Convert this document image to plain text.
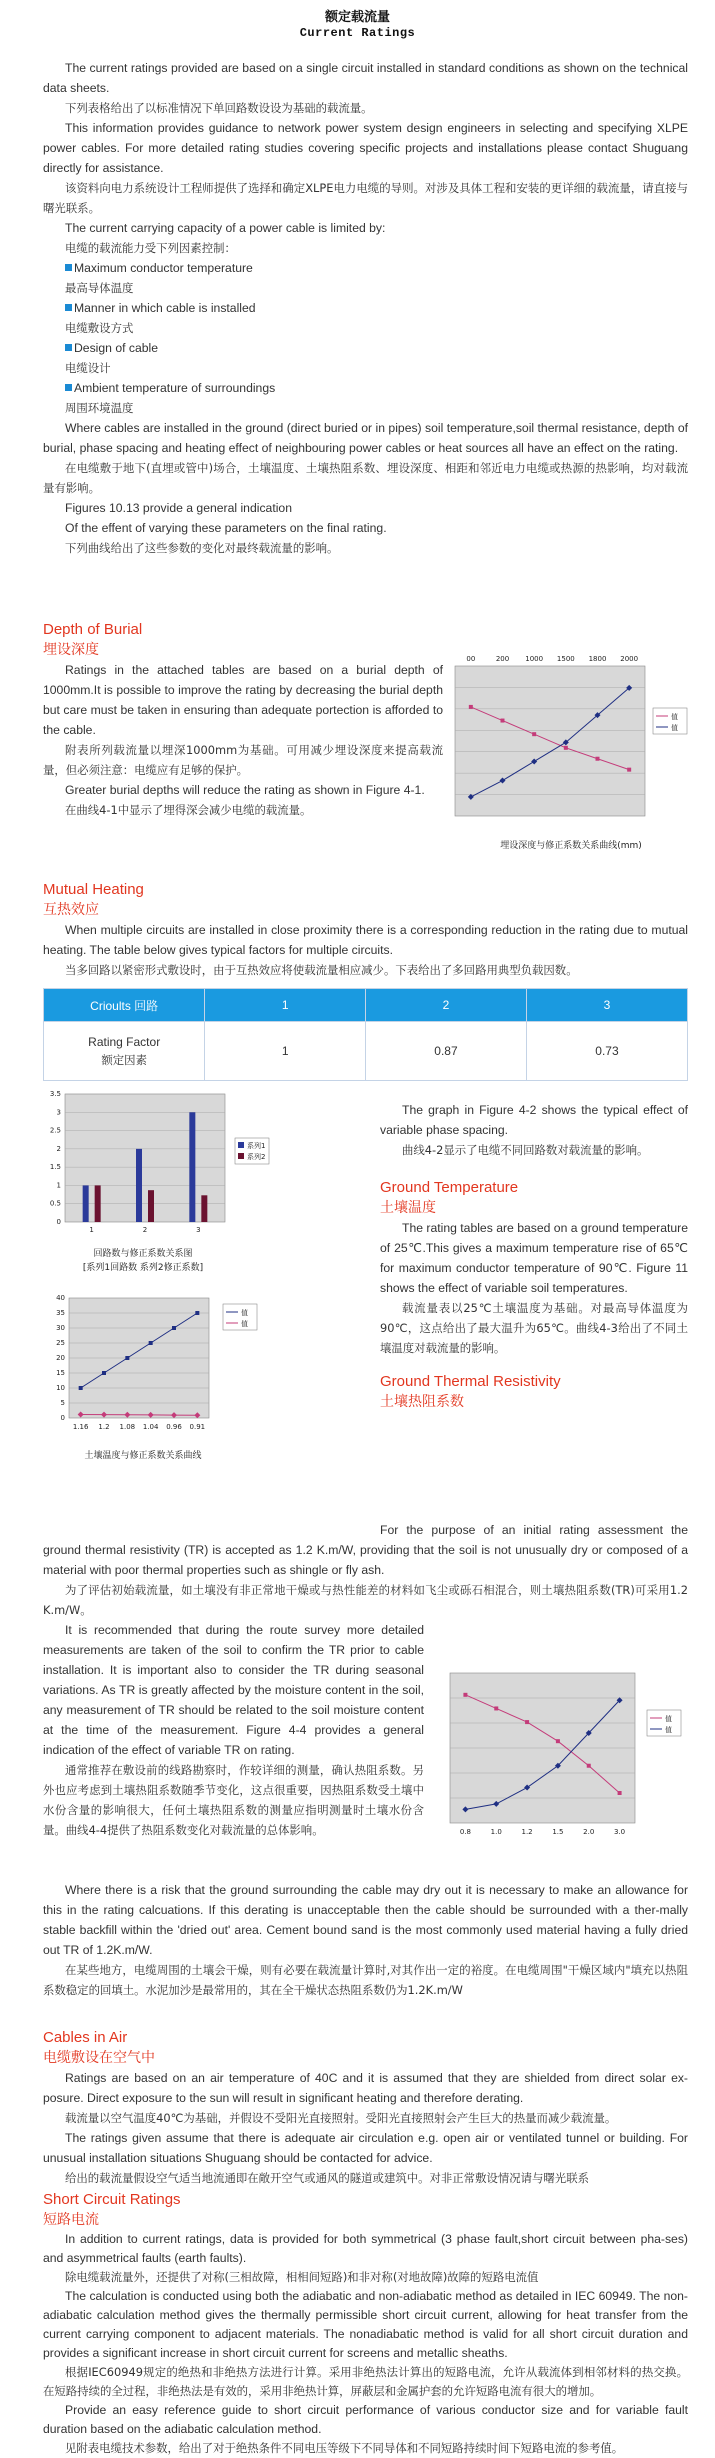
额定载流量
Current Ratings

The current ratings provided are based on a single circuit installed in standard conditions as shown on the technical data sheets.

下列表格给出了以标准情况下单回路数设设为基础的载流量。

This information provides guidance to network power system design engineers in selecting and specifying XLPE power cables. For more detailed rating studies covering specific projects and installations please contact Shuguang directly for assistance.

该资料向电力系统设计工程师提供了选择和确定XLPE电力电缆的导则。对涉及具体工程和安装的更详细的载流量，请直接与曙光联系。

The current carrying capacity of a power cable is limited by:

电缆的载流能力受下列因素控制：

Maximum conductor temperature
最高导体温度
Manner in which cable is installed
电缆敷设方式
Design of cable
电缆设计
Ambient temperature of surroundings
周围环境温度

Where cables are installed in the ground (direct buried or in pipes) soil temperature,soil thermal resistance, depth of burial, phase spacing and heating effect of neighbouring power cables or heat sources all have an effect on the rating.

在电缆敷于地下(直埋或管中)场合，土壤温度、土壤热阻系数、埋设深度、相距和邻近电力电缆或热源的热影响，均对载流量有影响。

Figures 10.13 provide a general indication

Of the effent of varying these parameters on the final rating.

下列曲线给出了这些参数的变化对最终载流量的影响。

Depth of Burial
埋设深度

Ratings in the attached tables are based on a burial depth of 1000mm.It is possible to improve the rating by decreasing the burial depth but care must be taken in ensuring than adequate portection is afforded to the cable.

附表所列载流量以埋深1000mm为基础。可用减少埋设深度来提高载流量，但必须注意：电缆应有足够的保护。

Greater burial depths will reduce the rating as shown in Figure 4-1.

在曲线4-1中显示了埋得深会减少电缆的载流量。

00	200 1000 1500 1800 2000
值
值
埋设深度与修正系数关系曲线(mm)
Mutual Heating
互热效应

When multiple circuits are installed in close proximity there is a corresponding reduction in the rating due to mutual heating. The table below gives typical factors for multiple circuits.

当多回路以紧密形式敷设时，由于互热效应将使载流量相应减少。下表给出了多回路用典型负载因数。

Crioults 回路	1	2	3
Rating Factor
额定因素	1	0.87	0.73
0
0.5
1
1.5
2
2.5
3
3.5
1	2	3
系列1
系列2
回路数与修正系数关系图
[系列1回路数 系列2修正系数]
1.16 1.2 1.08 1.04 0.96 0.91
0
5
10
15
20
25
30
35
40
值
值
土壤温度与修正系数关系曲线

The graph in Figure 4-2 shows the typical effect of variable phase spacing.

曲线4-2显示了电缆不同回路数对载流量的影响。

Ground Temperature
土壤温度

The rating tables are based on a ground temperature of 25℃.This gives a maximum temperature rise of 65℃ for maximum conductor temperature of 90℃. Figure 11 shows the effect of variable soil temperatures.

载流量表以25℃土壤温度为基础。对最高导体温度为90℃，这点给出了最大温升为65℃。曲线4-3给出了不同土壤温度对载流量的影响。

Ground Thermal Resistivity
土壤热阻系数

For the purpose of an initial rating assessment the ground thermal resistivity (TR) is accepted as 1.2 K.m/W, providing that the soil is not unusually dry or composed of a material with poor thermal properties such as shingle or fly ash.

为了评估初始载流量，如土壤没有非正常地干燥或与热性能差的材料如飞尘或砾石相混合，则土壤热阻系数(TR)可采用1.2 K.m/W。

It is recommended that during the route survey more detailed measurements are taken of the soil to confirm the TR prior to cable installation. It is important also to consider the TR during seasonal variations. As TR is greatly affected by the moisture content in the soil, any measurement of TR should be related to the soil moisture content at the time of the measurement. Figure 4-4 provides a general indication of the effect of variable TR on rating.

通常推荐在敷设前的线路勘察时，作较详细的测量，确认热阻系数。另外也应考虑到土壤热阻系数随季节变化，这点很重要，因热阻系数受土壤中水份含量的影响很大，任何土壤热阻系数的测量应指明测量时土壤水份含量。曲线4-4提供了热阻系数变化对载流量的总体影响。	0.8	1.0	1.2	1.5	2.0	3.0
值
值

Where there is a risk that the ground surrounding the cable may dry out it is necessary to make an allowance for this in the rating calcuations. If this derating is unacceptable then the cable should be surrounded with a ther-mally stable backfill within the 'dried out' area. Cement bound sand is the most commonly used material having a fully dried out TR of 1.2K.m/W.

在某些地方，电缆周围的土壤会干燥，则有必要在载流量计算时,对其作出一定的裕度。在电缆周围"干燥区域内"填充以热阻系数稳定的回填土。水泥加沙是最常用的，其在全干燥状态热阻系数仍为1.2K.m/W

Cables in Air
电缆敷设在空气中

Ratings are based on an air temperature of 40C and it is assumed that they are shielded from direct solar ex-posure. Direct exposure to the sun will result in significant heating and therefore derating.

载流量以空气温度40℃为基础，并假设不受阳光直接照射。受阳光直接照射会产生巨大的热量而减少载流量。

The ratings given assume that there is adequate air circulation e.g. open air or ventilated tunnel or building. For unusual installation situations Shuguang should be contacted for advice.

给出的载流量假设空气适当地流通即在敞开空气或通风的隧道或建筑中。对非正常敷设情况请与曙光联系

Short Circuit Ratings
短路电流

In addition to current ratings, data is provided for both symmetrical (3 phase fault,short circuit between pha-ses) and asymmetrical faults (earth faults).

除电缆载流量外，还提供了对称(三相故障，相相间短路)和非对称(对地故障)故障的短路电流值

The calculation is conducted using both the adiabatic and non-adiabatic method as detailed in IEC 60949. The non-adiabatic calculation method gives the thermally permissible short circuit current, allowing for heat transfer from the current carrying component to adjacent materials. The nonadiabatic method is valid for all short circuit duration and provides a significant increase in short circuit current for screens and metallic sheaths.

根据IEC60949规定的绝热和非绝热方法进行计算。采用非绝热法计算出的短路电流，允许从载流体到相邻材料的热交换。在短路持续的全过程，非绝热法是有效的，采用非绝热计算，屏蔽层和金属护套的允许短路电流有很大的增加。

Provide an easy reference guide to short circuit performance of various conductor size and for variable fault duration based on the adiabatic calculation method.

见附表电缆技术参数，给出了对于绝热条件不同电压等级下不同导体和不同短路持续时间下短路电流的参考值。
